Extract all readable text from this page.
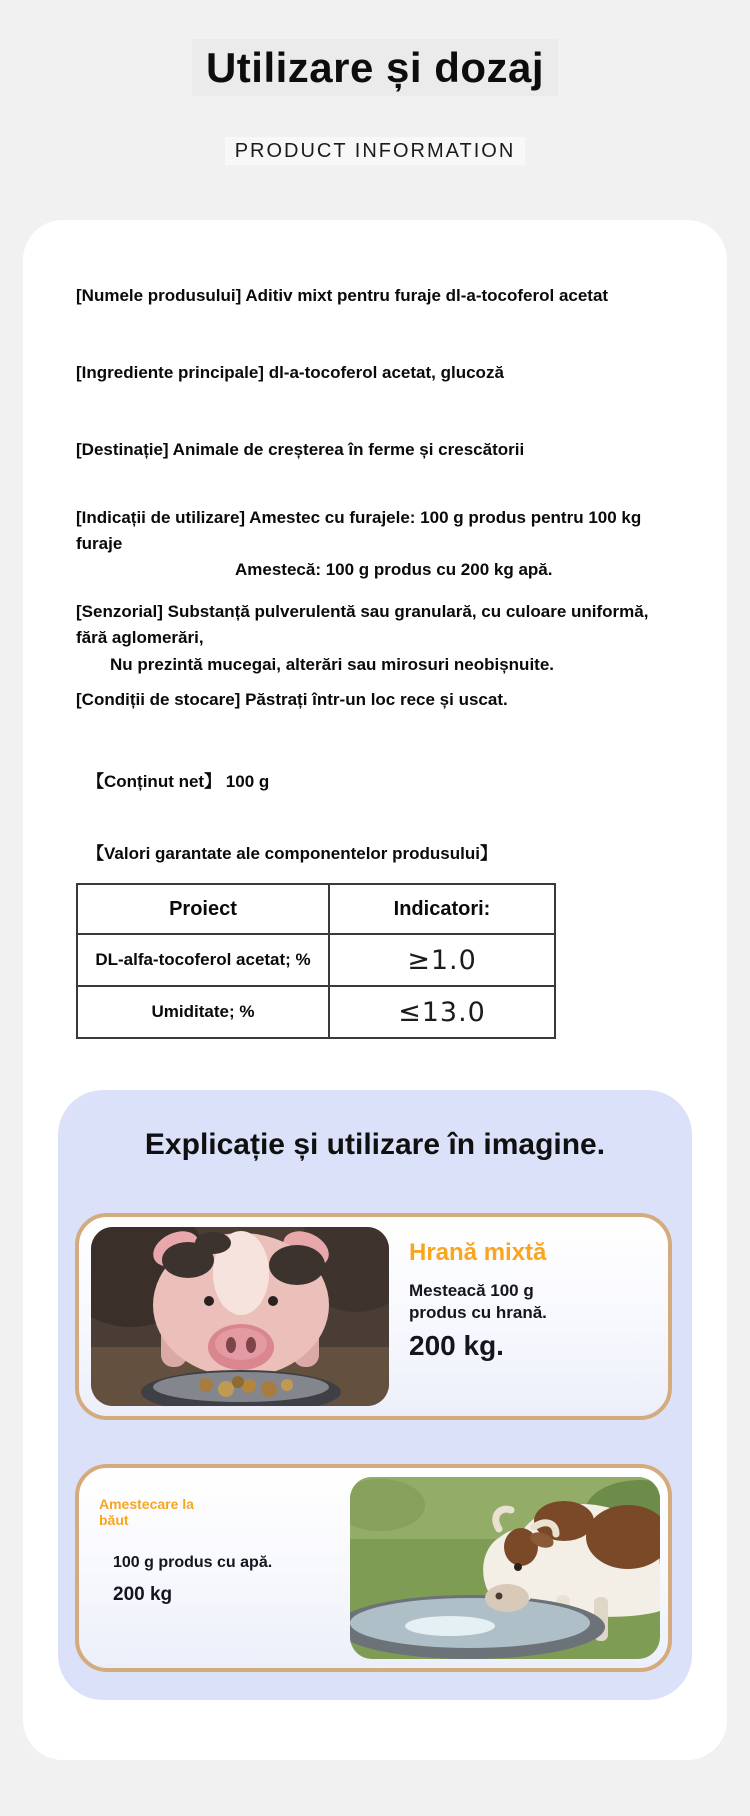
Utilizare și dozaj
PRODUCT INFORMATION

[Numele produsului] Aditiv mixt pentru furaje dl-a-tocoferol acetat

[Ingrediente principale] dl-a-tocoferol acetat, glucoză

[Destinație] Animale de creșterea în ferme și crescătorii

[Indicații de utilizare] Amestec cu furajele: 100 g produs pentru 100 kg furaje

Amestecă: 100 g produs cu 200 kg apă.

[Senzorial] Substanță pulverulentă sau granulară, cu culoare uniformă, fără aglomerări,

Nu prezintă mucegai, alterări sau mirosuri neobișnuite.

[Condiții de stocare] Păstrați într-un loc rece și uscat.

【Conținut net】 100 g

【Valori garantate ale componentelor produsului】

Proiect	Indicatori:
DL-alfa-tocoferol acetat; %	≥1.0
Umiditate; %	≤13.0
Explicație și utilizare în imagine.
Hrană mixtă
Mesteacă 100 g produs cu hrană.
200 kg.
Amestecare la băut
100 g produs cu apă.
200 kg
